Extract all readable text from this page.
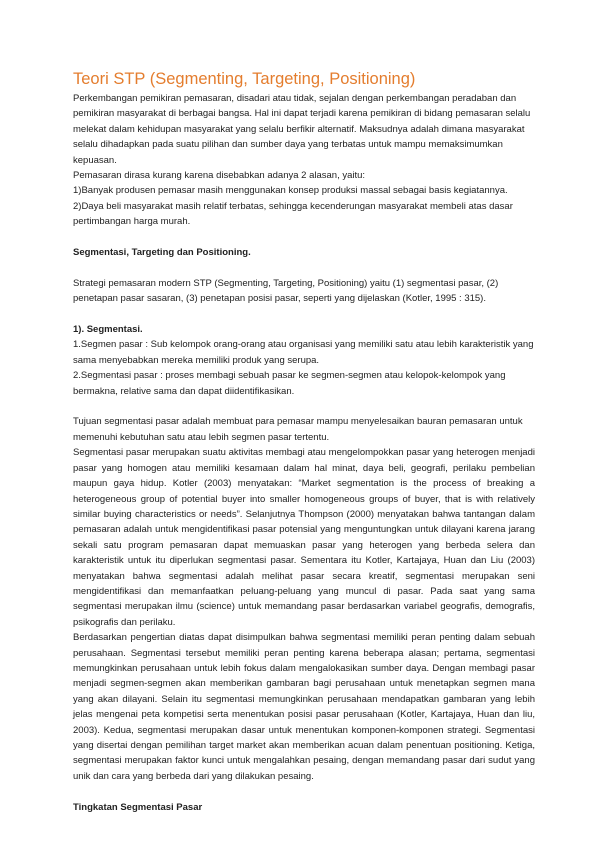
Teori STP (Segmenting, Targeting, Positioning)

Perkembangan pemikiran pemasaran, disadari atau tidak, sejalan dengan perkembangan peradaban dan pemikiran masyarakat di berbagai bangsa. Hal ini dapat terjadi karena pemikiran di bidang pemasaran selalu melekat dalam kehidupan masyarakat yang selalu berfikir alternatif. Maksudnya adalah dimana masyarakat selalu dihadapkan pada suatu pilihan dan sumber daya yang terbatas untuk mampu memaksimumkan kepuasan.

Pemasaran dirasa kurang karena disebabkan adanya 2 alasan, yaitu:

1)Banyak produsen pemasar masih menggunakan konsep produksi massal sebagai basis kegiatannya.

2)Daya beli masyarakat masih relatif terbatas, sehingga kecenderungan masyarakat membeli atas dasar pertimbangan harga murah.

Segmentasi, Targeting dan Positioning.

Strategi pemasaran modern STP (Segmenting, Targeting, Positioning) yaitu (1) segmentasi pasar, (2) penetapan pasar sasaran, (3) penetapan posisi pasar, seperti yang dijelaskan (Kotler, 1995 : 315).

1). Segmentasi.

1.Segmen pasar : Sub kelompok orang-orang atau organisasi yang memiliki satu atau lebih karakteristik yang sama menyebabkan mereka memiliki produk yang serupa.

2.Segmentasi pasar : proses membagi sebuah pasar ke segmen-segmen atau kelopok-kelompok yang bermakna, relative sama dan dapat diidentifikasikan.

Tujuan segmentasi pasar adalah membuat para pemasar mampu menyelesaikan bauran pemasaran untuk memenuhi kebutuhan satu atau lebih segmen pasar tertentu.

Segmentasi pasar merupakan suatu aktivitas membagi atau mengelompokkan pasar yang heterogen menjadi pasar yang homogen atau memiliki kesamaan dalam hal minat, daya beli, geografi, perilaku pembelian maupun gaya hidup. Kotler (2003) menyatakan: “Market segmentation is the process of breaking a heterogeneous group of potential buyer into smaller homogeneous groups of buyer, that is with relatively similar buying characteristics or needs”. Selanjutnya Thompson (2000) menyatakan bahwa tantangan dalam pemasaran adalah untuk mengidentifikasi pasar potensial yang menguntungkan untuk dilayani karena jarang sekali satu program pemasaran dapat memuaskan pasar yang heterogen yang berbeda selera dan karakteristik untuk itu diperlukan segmentasi pasar. Sementara itu Kotler, Kartajaya, Huan dan Liu (2003) menyatakan bahwa segmentasi adalah melihat pasar secara kreatif, segmentasi merupakan seni mengidentifikasi dan memanfaatkan peluang-peluang yang muncul di pasar. Pada saat yang sama segmentasi merupakan ilmu (science) untuk memandang pasar berdasarkan variabel geografis, demografis, psikografis dan perilaku.

Berdasarkan pengertian diatas dapat disimpulkan bahwa segmentasi memiliki peran penting dalam sebuah perusahaan. Segmentasi tersebut memiliki peran penting karena beberapa alasan; pertama, segmentasi memungkinkan perusahaan untuk lebih fokus dalam mengalokasikan sumber daya. Dengan membagi pasar menjadi segmen-segmen akan memberikan gambaran bagi perusahaan untuk menetapkan segmen mana yang akan dilayani. Selain itu segmentasi memungkinkan perusahaan mendapatkan gambaran yang lebih jelas mengenai peta kompetisi serta menentukan posisi pasar perusahaan (Kotler, Kartajaya, Huan dan liu, 2003). Kedua, segmentasi merupakan dasar untuk menentukan komponen-komponen strategi. Segmentasi yang disertai dengan pemilihan target market akan memberikan acuan dalam penentuan positioning. Ketiga, segmentasi merupakan faktor kunci untuk mengalahkan pesaing, dengan memandang pasar dari sudut yang unik dan cara yang berbeda dari yang dilakukan pesaing.

Tingkatan Segmentasi Pasar
